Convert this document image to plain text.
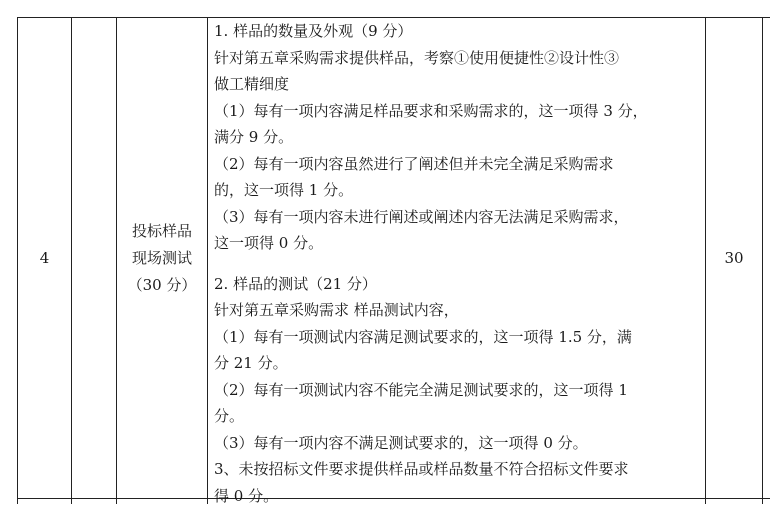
4
投标样品
现场测试
（30 分）
1. 样品的数量及外观（9 分）
针对第五章采购需求提供样品，考察①使用便捷性②设计性③
做工精细度
（1）每有一项内容满足样品要求和采购需求的，这一项得 3 分，
满分 9 分。
（2）每有一项内容虽然进行了阐述但并未完全满足采购需求
的，这一项得 1 分。
（3）每有一项内容未进行阐述或阐述内容无法满足采购需求，
这一项得 0 分。
2. 样品的测试（21 分）
针对第五章采购需求 样品测试内容，
（1）每有一项测试内容满足测试要求的，这一项得 1.5 分，满
分 21 分。
（2）每有一项测试内容不能完全满足测试要求的，这一项得 1
分。
（3）每有一项内容不满足测试要求的，这一项得 0 分。
3、未按招标文件要求提供样品或样品数量不符合招标文件要求
得 0 分。
30
